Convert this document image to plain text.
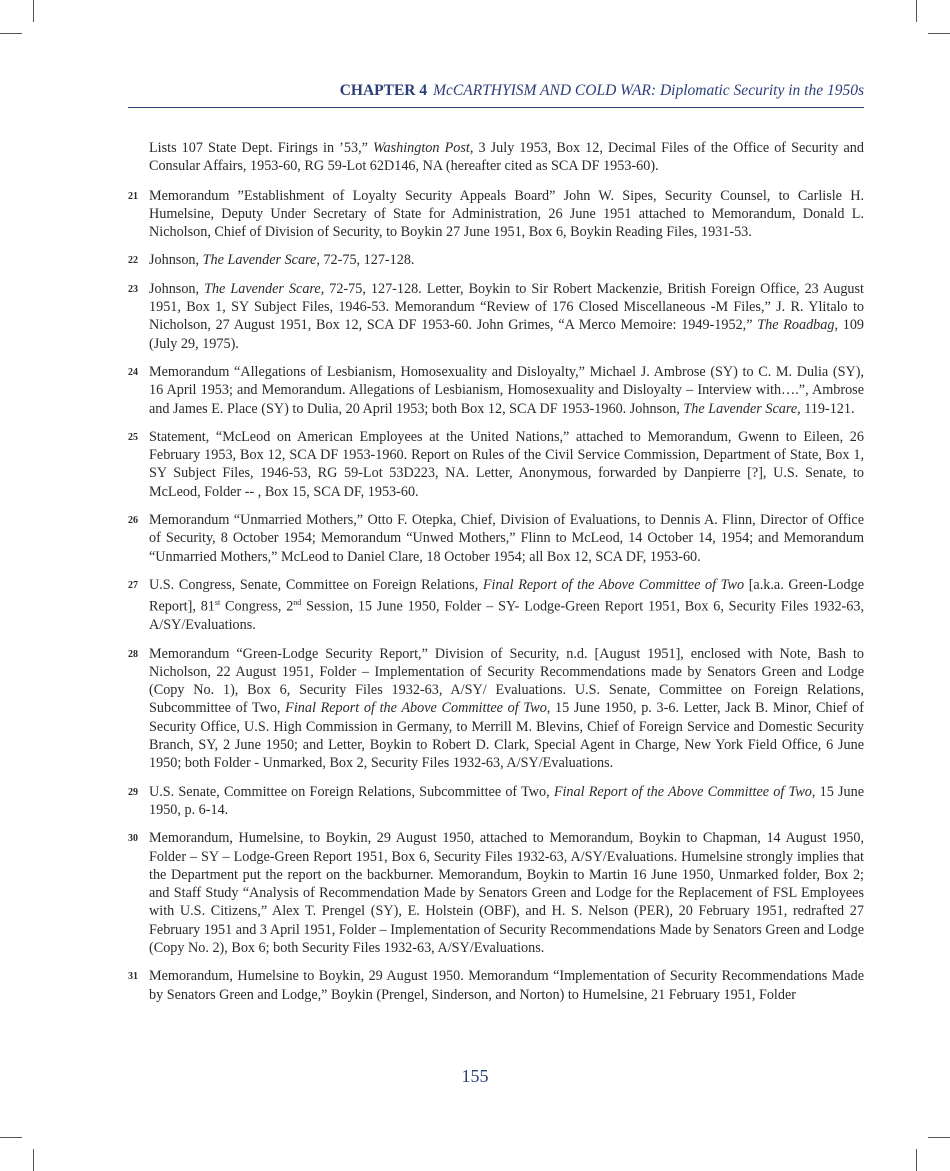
CHAPTER 4 McCARTHYISM AND COLD WAR: Diplomatic Security in the 1950s

Lists 107 State Dept. Firings in ’53,” Washington Post, 3 July 1953, Box 12, Decimal Files of the Office of Security and Consular Affairs, 1953-60, RG 59-Lot 62D146, NA (hereafter cited as SCA DF 1953-60).

21 Memorandum ”Establishment of Loyalty Security Appeals Board” John W. Sipes, Security Counsel, to Carlisle H. Humelsine, Deputy Under Secretary of State for Administration, 26 June 1951 attached to Memorandum, Donald L. Nicholson, Chief of Division of Security, to Boykin 27 June 1951, Box 6, Boykin Reading Files, 1931-53.

22 Johnson, The Lavender Scare, 72-75, 127-128.

23 Johnson, The Lavender Scare, 72-75, 127-128. Letter, Boykin to Sir Robert Mackenzie, British Foreign Office, 23 August 1951, Box 1, SY Subject Files, 1946-53. Memorandum “Review of 176 Closed Miscellaneous -M Files,” J. R. Ylitalo to Nicholson, 27 August 1951, Box 12, SCA DF 1953-60. John Grimes, “A Merco Memoire: 1949-1952,” The Roadbag, 109 (July 29, 1975).

24 Memorandum “Allegations of Lesbianism, Homosexuality and Disloyalty,” Michael J. Ambrose (SY) to C. M. Dulia (SY), 16 April 1953; and Memorandum. Allegations of Lesbianism, Homosexuality and Disloyalty – Interview with….”, Ambrose and James E. Place (SY) to Dulia, 20 April 1953; both Box 12, SCA DF 1953-1960. Johnson, The Lavender Scare, 119-121.

25 Statement, “McLeod on American Employees at the United Nations,” attached to Memorandum, Gwenn to Eileen, 26 February 1953, Box 12, SCA DF 1953-1960. Report on Rules of the Civil Service Commission, Department of State, Box 1, SY Subject Files, 1946-53, RG 59-Lot 53D223, NA. Letter, Anonymous, forwarded by Danpierre [?], U.S. Senate, to McLeod, Folder -- , Box 15, SCA DF, 1953-60.

26 Memorandum “Unmarried Mothers,” Otto F. Otepka, Chief, Division of Evaluations, to Dennis A. Flinn, Director of Office of Security, 8 October 1954; Memorandum “Unwed Mothers,” Flinn to McLeod, 14 October 14, 1954; and Memorandum “Unmarried Mothers,” McLeod to Daniel Clare, 18 October 1954; all Box 12, SCA DF, 1953-60.

27 U.S. Congress, Senate, Committee on Foreign Relations, Final Report of the Above Committee of Two [a.k.a. Green-Lodge Report], 81st Congress, 2nd Session, 15 June 1950, Folder – SY- Lodge-Green Report 1951, Box 6, Security Files 1932-63, A/SY/Evaluations.

28 Memorandum “Green-Lodge Security Report,” Division of Security, n.d. [August 1951], enclosed with Note, Bash to Nicholson, 22 August 1951, Folder – Implementation of Security Recommendations made by Senators Green and Lodge (Copy No. 1), Box 6, Security Files 1932-63, A/SY/ Evaluations. U.S. Senate, Committee on Foreign Relations, Subcommittee of Two, Final Report of the Above Committee of Two, 15 June 1950, p. 3-6. Letter, Jack B. Minor, Chief of Security Office, U.S. High Commission in Germany, to Merrill M. Blevins, Chief of Foreign Service and Domestic Security Branch, SY, 2 June 1950; and Letter, Boykin to Robert D. Clark, Special Agent in Charge, New York Field Office, 6 June 1950; both Folder - Unmarked, Box 2, Security Files 1932-63, A/SY/Evaluations.

29 U.S. Senate, Committee on Foreign Relations, Subcommittee of Two, Final Report of the Above Committee of Two, 15 June 1950, p. 6-14.

30 Memorandum, Humelsine, to Boykin, 29 August 1950, attached to Memorandum, Boykin to Chapman, 14 August 1950, Folder – SY – Lodge-Green Report 1951, Box 6, Security Files 1932-63, A/SY/Evaluations. Humelsine strongly implies that the Department put the report on the backburner. Memorandum, Boykin to Martin 16 June 1950, Unmarked folder, Box 2; and Staff Study “Analysis of Recommendation Made by Senators Green and Lodge for the Replacement of FSL Employees with U.S. Citizens,” Alex T. Prengel (SY), E. Holstein (OBF), and H. S. Nelson (PER), 20 February 1951, redrafted 27 February 1951 and 3 April 1951, Folder – Implementation of Security Recommendations Made by Senators Green and Lodge (Copy No. 2), Box 6; both Security Files 1932-63, A/SY/Evaluations.

31 Memorandum, Humelsine to Boykin, 29 August 1950. Memorandum “Implementation of Security Recommendations Made by Senators Green and Lodge,” Boykin (Prengel, Sinderson, and Norton) to Humelsine, 21 February 1951, Folder

155
